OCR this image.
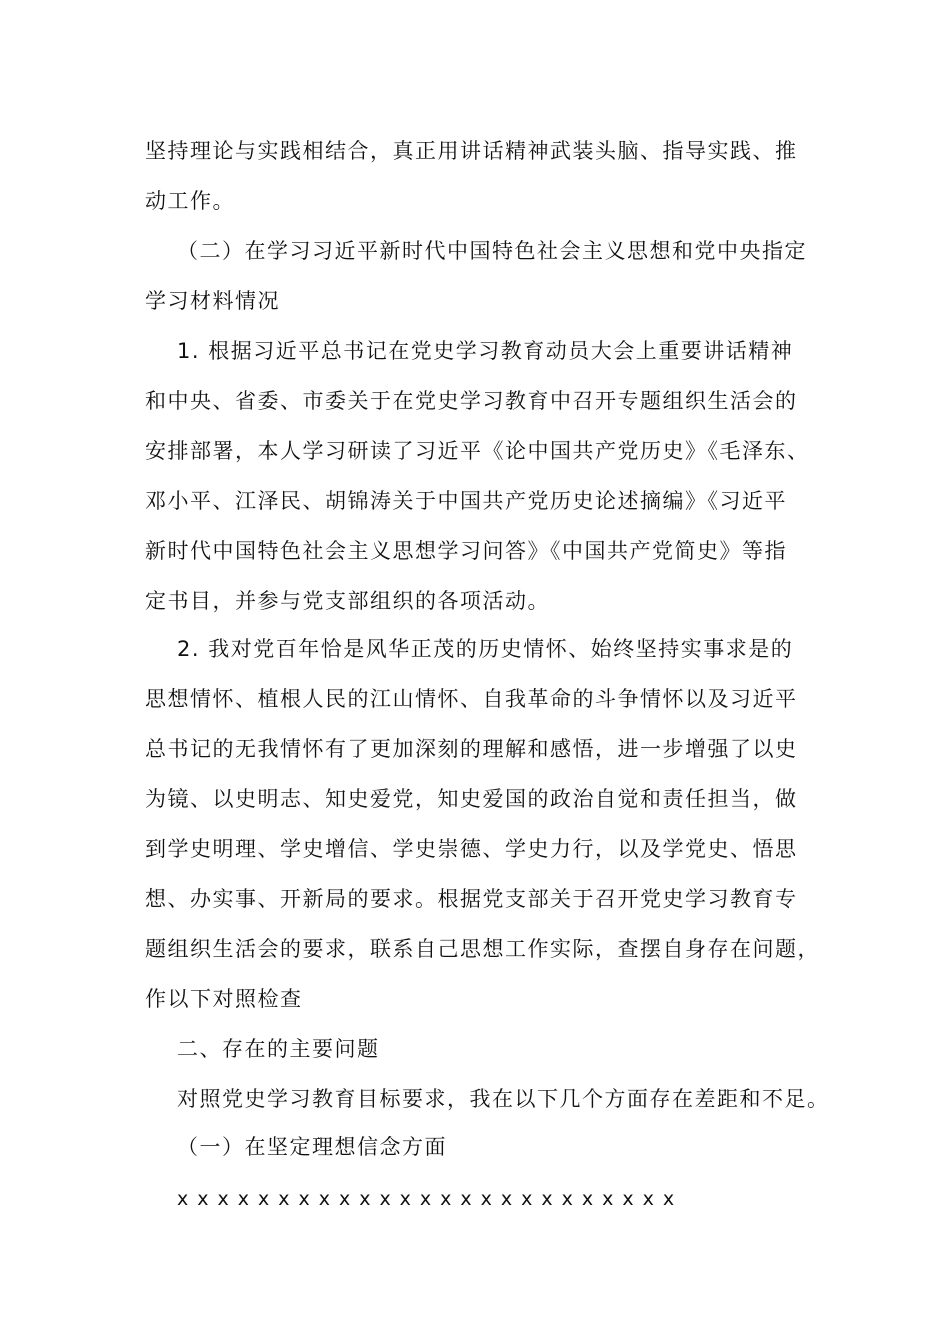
坚持理论与实践相结合，真正用讲话精神武装头脑、指导实践、推
动工作。
（二）在学习习近平新时代中国特色社会主义思想和党中央指定
学习材料情况
1. 根据习近平总书记在党史学习教育动员大会上重要讲话精神
和中央、省委、市委关于在党史学习教育中召开专题组织生活会的
安排部署，本人学习研读了习近平《论中国共产党历史》《毛泽东、
邓小平、江泽民、胡锦涛关于中国共产党历史论述摘编》《习近平
新时代中国特色社会主义思想学习问答》《中国共产党简史》等指
定书目，并参与党支部组织的各项活动。
2. 我对党百年恰是风华正茂的历史情怀、始终坚持实事求是的
思想情怀、植根人民的江山情怀、自我革命的斗争情怀以及习近平
总书记的无我情怀有了更加深刻的理解和感悟，进一步增强了以史
为镜、以史明志、知史爱党，知史爱国的政治自觉和责任担当，做
到学史明理、学史增信、学史崇德、学史力行，以及学党史、悟思
想、办实事、开新局的要求。根据党支部关于召开党史学习教育专
题组织生活会的要求，联系自己思想工作实际，查摆自身存在问题，
作以下对照检查
二、存在的主要问题
对照党史学习教育目标要求，我在以下几个方面存在差距和不足。
（一）在坚定理想信念方面
xxxxxxxxxxxxxxxxxxxxxxxxx
